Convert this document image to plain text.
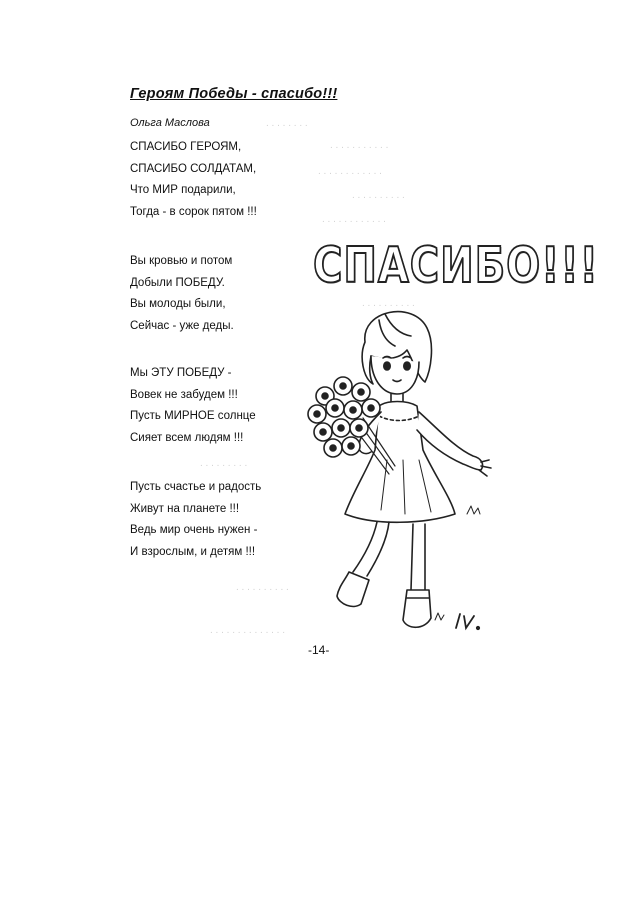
. . . . . . . .
. . . . . . . . . . .
. . . . . . . . . . . .
. . . . . . . . . .
. . . . . . . . . . . .
. . . . . . . . . .
. . . . . . . . .
. . . . . . . . . .
. . . . . . . . . . . . . .
Героям Победы - спасибо!!!
Ольга Маслова
СПАСИБО ГЕРОЯМ,
СПАСИБО СОЛДАТАМ,
Что МИР подарили,
Тогда - в сорок пятом !!!
Вы кровью и потом
Добыли ПОБЕДУ.
Вы молоды были,
Сейчас - уже деды.
Мы ЭТУ ПОБЕДУ -
Вовек не забудем !!!
Пусть МИРНОЕ солнце
Сияет всем людям !!!
Пусть счастье и радость
Живут на планете !!!
Ведь мир очень нужен -
И взрослым, и детям !!!
СПАСИБО!!!
-14-
